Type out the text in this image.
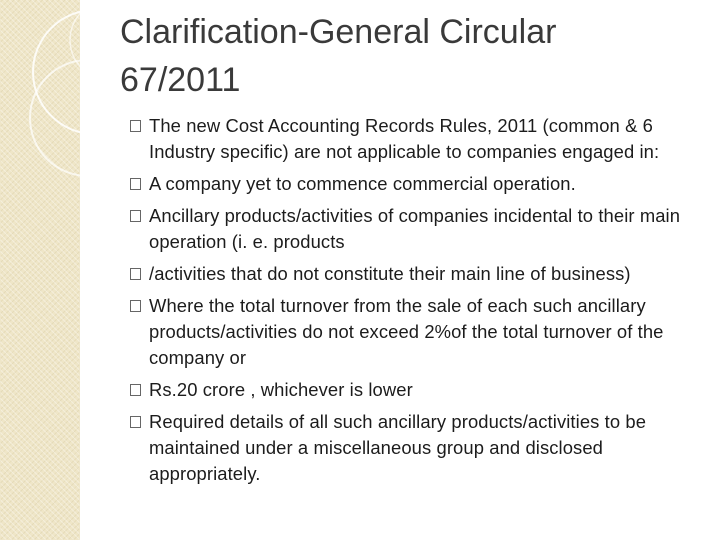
Clarification-General Circular 67/2011
The new Cost Accounting Records Rules, 2011 (common & 6 Industry specific) are not applicable to companies engaged in:
A company yet to commence commercial operation.
Ancillary products/activities of companies incidental to their main operation (i. e. products
/activities that do not constitute their main line of business)
Where the total turnover from the sale of each such ancillary products/activities do not exceed 2%of the total turnover of the company or
Rs.20 crore , whichever is lower
Required details of all such ancillary products/activities to be maintained under a miscellaneous group and disclosed appropriately.
